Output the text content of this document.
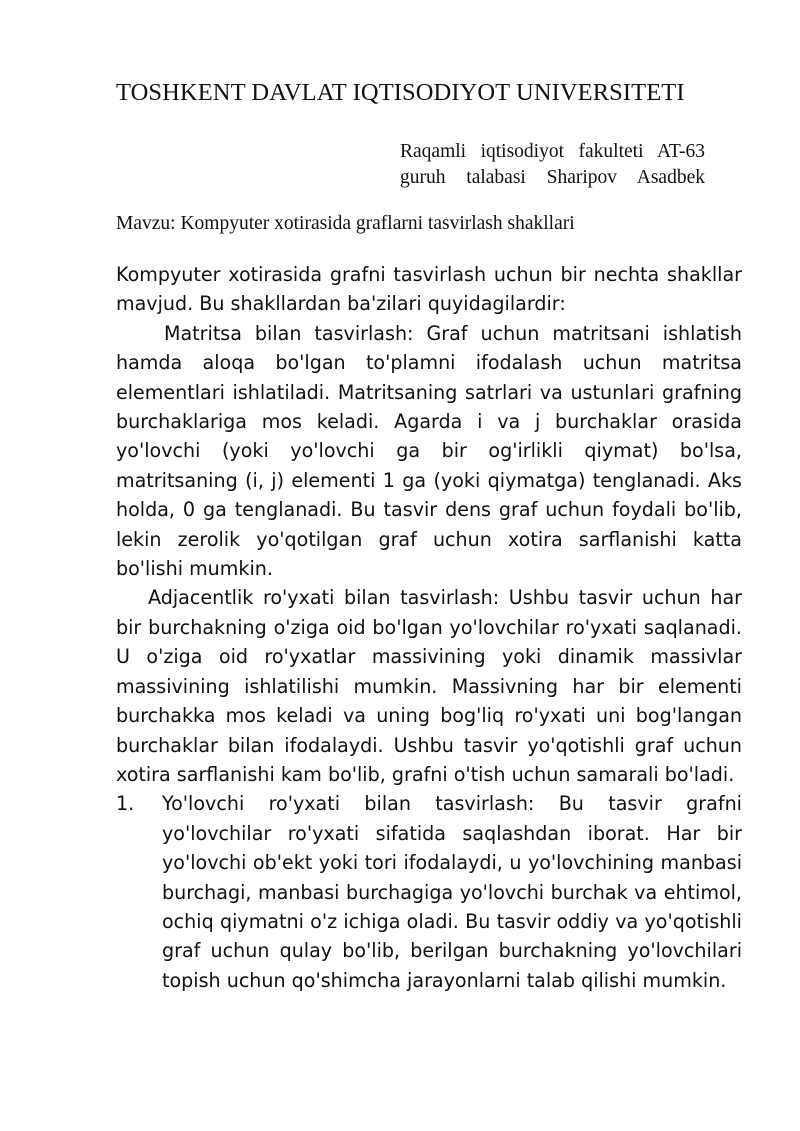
TOSHKENT DAVLAT IQTISODIYOT UNIVERSITETI
Raqamli iqtisodiyot fakulteti AT-63
guruh talabasi Sharipov Asadbek

Mavzu: Kompyuter xotirasida graflarni tasvirlash shakllari

Kompyuter xotirasida grafni tasvirlash uchun bir nechta shakllar mavjud. Bu shakllardan ba'zilari quyidagilardir:

Matritsa bilan tasvirlash: Graf uchun matritsani ishlatish hamda aloqa bo'lgan to'plamni ifodalash uchun matritsa elementlari ishlatiladi. Matritsaning satrlari va ustunlari grafning burchaklariga mos keladi. Agarda i va j burchaklar orasida yo'lovchi (yoki yo'lovchi ga bir og'irlikli qiymat) bo'lsa, matritsaning (i, j) elementi 1 ga (yoki qiymatga) tenglanadi. Aks holda, 0 ga tenglanadi. Bu tasvir dens graf uchun foydali bo'lib, lekin zerolik yo'qotilgan graf uchun xotira sarflanishi katta bo'lishi mumkin.

Adjacentlik ro'yxati bilan tasvirlash: Ushbu tasvir uchun har bir burchakning o'ziga oid bo'lgan yo'lovchilar ro'yxati saqlanadi. U o'ziga oid ro'yxatlar massivining yoki dinamik massivlar massivining ishlatilishi mumkin. Massivning har bir elementi burchakka mos keladi va uning bog'liq ro'yxati uni bog'langan burchaklar bilan ifodalaydi. Ushbu tasvir yo'qotishli graf uchun xotira sarflanishi kam bo'lib, grafni o'tish uchun samarali bo'ladi.

1. Yo'lovchi ro'yxati bilan tasvirlash: Bu tasvir grafni yo'lovchilar ro'yxati sifatida saqlashdan iborat. Har bir yo'lovchi ob'ekt yoki tori ifodalaydi, u yo'lovchining manbasi burchagi, manbasi burchagiga yo'lovchi burchak va ehtimol, ochiq qiymatni o'z ichiga oladi. Bu tasvir oddiy va yo'qotishli graf uchun qulay bo'lib, berilgan burchakning yo'lovchilari topish uchun qo'shimcha jarayonlarni talab qilishi mumkin.
